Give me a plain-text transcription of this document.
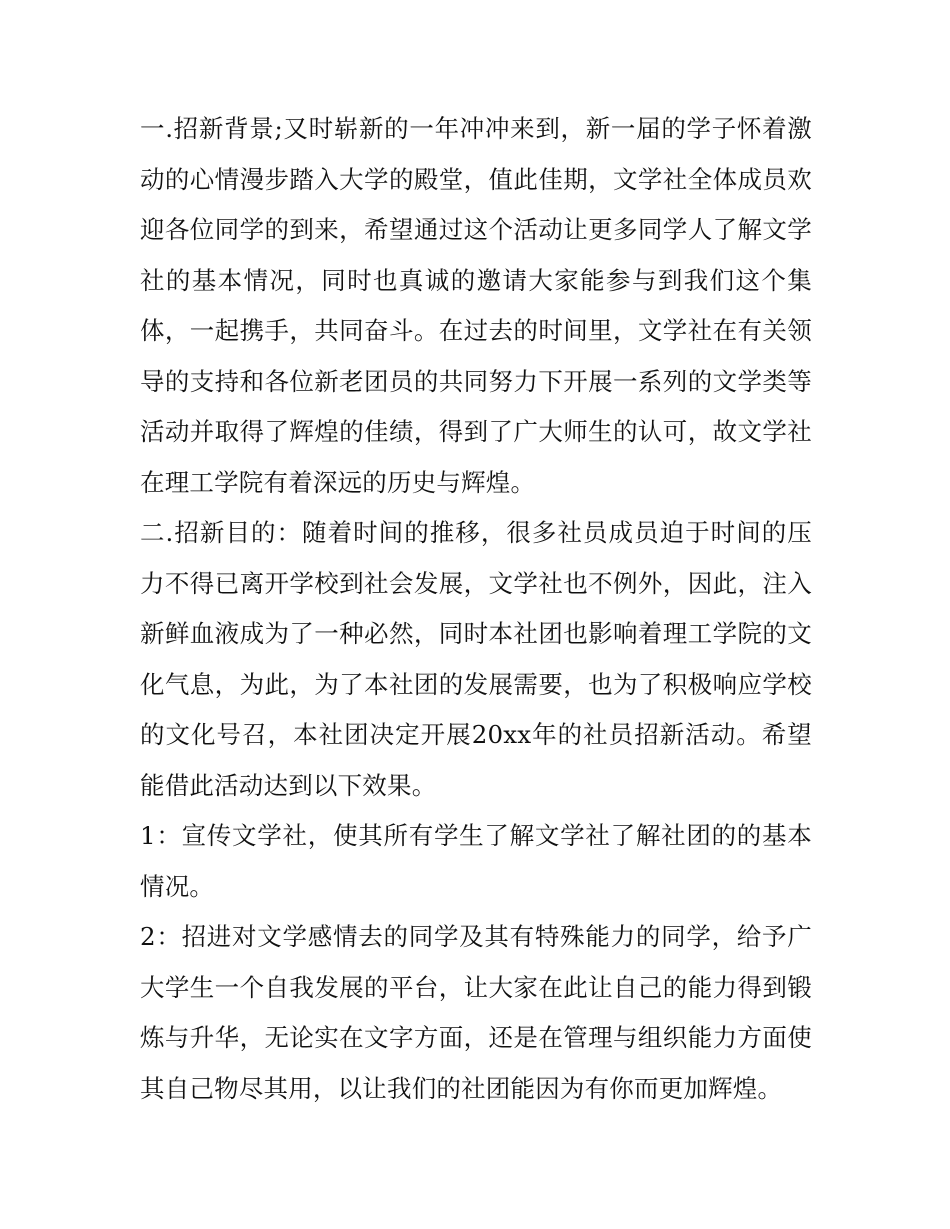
一.招新背景;又时崭新的一年冲冲来到，新一届的学子怀着激动的心情漫步踏入大学的殿堂，值此佳期，文学社全体成员欢迎各位同学的到来，希望通过这个活动让更多同学人了解文学社的基本情况，同时也真诚的邀请大家能参与到我们这个集体，一起携手，共同奋斗。在过去的时间里，文学社在有关领导的支持和各位新老团员的共同努力下开展一系列的文学类等活动并取得了辉煌的佳绩，得到了广大师生的认可，故文学社在理工学院有着深远的历史与辉煌。

二.招新目的：随着时间的推移，很多社员成员迫于时间的压力不得已离开学校到社会发展，文学社也不例外，因此，注入新鲜血液成为了一种必然，同时本社团也影响着理工学院的文化气息，为此，为了本社团的发展需要，也为了积极响应学校的文化号召，本社团决定开展20xx年的社员招新活动。希望能借此活动达到以下效果。

1：宣传文学社，使其所有学生了解文学社了解社团的的基本情况。

2：招进对文学感情去的同学及其有特殊能力的同学，给予广大学生一个自我发展的平台，让大家在此让自己的能力得到锻炼与升华，无论实在文字方面，还是在管理与组织能力方面使其自己物尽其用，以让我们的社团能因为有你而更加辉煌。
